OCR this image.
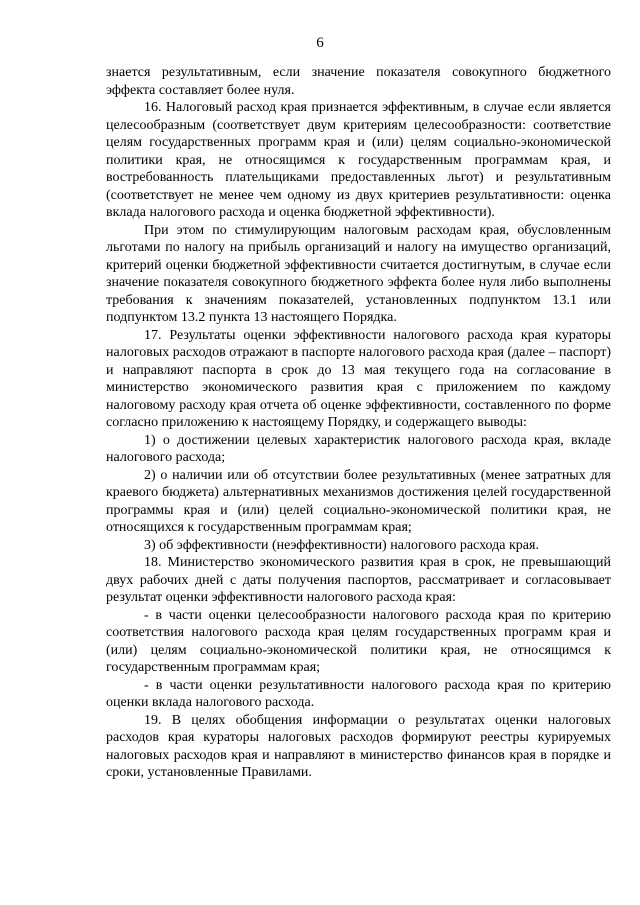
6

знается результативным, если значение показателя совокупного бюджетного эффекта составляет более нуля.

16. Налоговый расход края признается эффективным, в случае если является целесообразным (соответствует двум критериям целесообразности: соответствие целям государственных программ края и (или) целям социально-экономической политики края, не относящимся к государственным программам края, и востребованность плательщиками предоставленных льгот) и результативным (соответствует не менее чем одному из двух критериев результативности: оценка вклада налогового расхода и оценка бюджетной эффективности).

При этом по стимулирующим налоговым расходам края, обусловленным льготами по налогу на прибыль организаций и налогу на имущество организаций, критерий оценки бюджетной эффективности считается достигнутым, в случае если значение показателя совокупного бюджетного эффекта более нуля либо выполнены требования к значениям показателей, установленных подпунктом 13.1 или подпунктом 13.2 пункта 13 настоящего Порядка.

17. Результаты оценки эффективности налогового расхода края кураторы налоговых расходов отражают в паспорте налогового расхода края (далее – паспорт) и направляют паспорта в срок до 13 мая текущего года на согласование в министерство экономического развития края с приложением по каждому налоговому расходу края отчета об оценке эффективности, составленного по форме согласно приложению к настоящему Порядку, и содержащего выводы:

1) о достижении целевых характеристик налогового расхода края, вкладе налогового расхода;

2) о наличии или об отсутствии более результативных (менее затратных для краевого бюджета) альтернативных механизмов достижения целей государственной программы края и (или) целей социально-экономической политики края, не относящихся к государственным программам края;

3) об эффективности (неэффективности) налогового расхода края.

18. Министерство экономического развития края в срок, не превышающий двух рабочих дней с даты получения паспортов, рассматривает и согласовывает результат оценки эффективности налогового расхода края:

- в части оценки целесообразности налогового расхода края по критерию соответствия налогового расхода края целям государственных программ края и (или) целям социально-экономической политики края, не относящимся к государственным программам края;

- в части оценки результативности налогового расхода края по критерию оценки вклада налогового расхода.

19. В целях обобщения информации о результатах оценки налоговых расходов края кураторы налоговых расходов формируют реестры курируемых налоговых расходов края и направляют в министерство финансов края в порядке и сроки, установленные Правилами.
